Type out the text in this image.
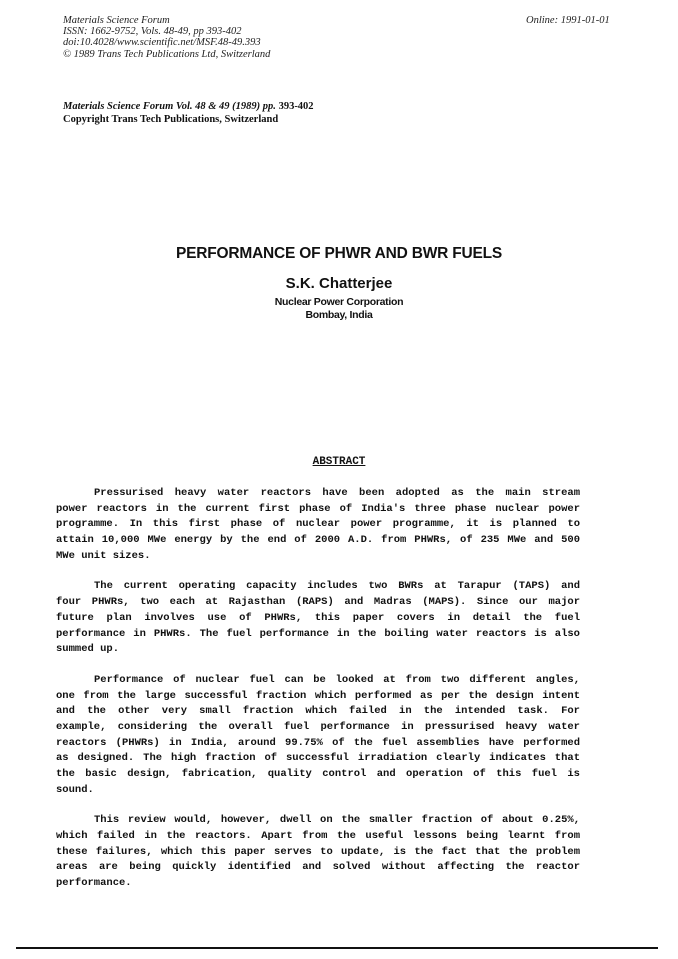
Materials Science Forum
ISSN: 1662-9752, Vols. 48-49, pp 393-402
doi:10.4028/www.scientific.net/MSF.48-49.393
© 1989 Trans Tech Publications Ltd, Switzerland
Online: 1991-01-01
Materials Science Forum Vol. 48 & 49 (1989) pp. 393-402
Copyright Trans Tech Publications, Switzerland
PERFORMANCE OF PHWR AND BWR FUELS
S.K. Chatterjee
Nuclear Power Corporation
Bombay, India
ABSTRACT
Pressurised heavy water reactors have been adopted as the main stream
power reactors in the current first phase of India's three phase nuclear power
programme. In this first phase of nuclear power programme, it is planned to
attain 10,000 MWe energy by the end of 2000 A.D. from PHWRs, of 235 MWe and 500
MWe unit sizes.
The current operating capacity includes two BWRs at Tarapur (TAPS) and
four PHWRs, two each at Rajasthan (RAPS) and Madras (MAPS). Since our major
future plan involves use of PHWRs, this paper covers in detail the fuel
performance in PHWRs. The fuel performance in the boiling water reactors is also
summed up.
Performance of nuclear fuel can be looked at from two different angles,
one from the large successful fraction which performed as per the design intent
and the other very small fraction which failed in the intended task. For
example, considering the overall fuel performance in pressurised heavy water
reactors (PHWRs) in India, around 99.75% of the fuel assemblies have performed
as designed. The high fraction of successful irradiation clearly indicates that
the basic design, fabrication, quality control and operation of this fuel is
sound.
This review would, however, dwell on the smaller fraction of about 0.25%,
which failed in the reactors. Apart from the useful lessons being learnt from
these failures, which this paper serves to update, is the fact that the problem
areas are being quickly identified and solved without affecting the reactor
performance.
